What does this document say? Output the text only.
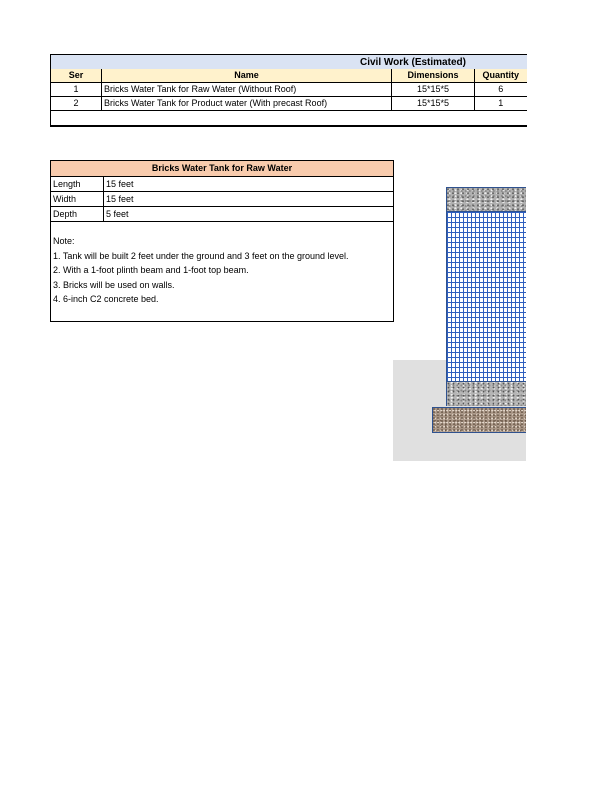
Civil Work (Estimated)			

Ser	Name	Dimensions	Quantity
1	Bricks Water Tank for Raw Water (Without Roof)	15*15*5	6
2	Bricks Water Tank for Product water (With precast Roof)	15*15*5	1

Bricks Water Tank for Raw Water
Length	15 feet
Width	15 feet
Depth	5 feet
Note:
1. Tank will be built 2 feet under the ground and 3 feet on the ground level.
2. With a 1-foot plinth beam and 1-foot top beam.
3. Bricks will be used on walls.
4. 6-inch C2 concrete bed.
